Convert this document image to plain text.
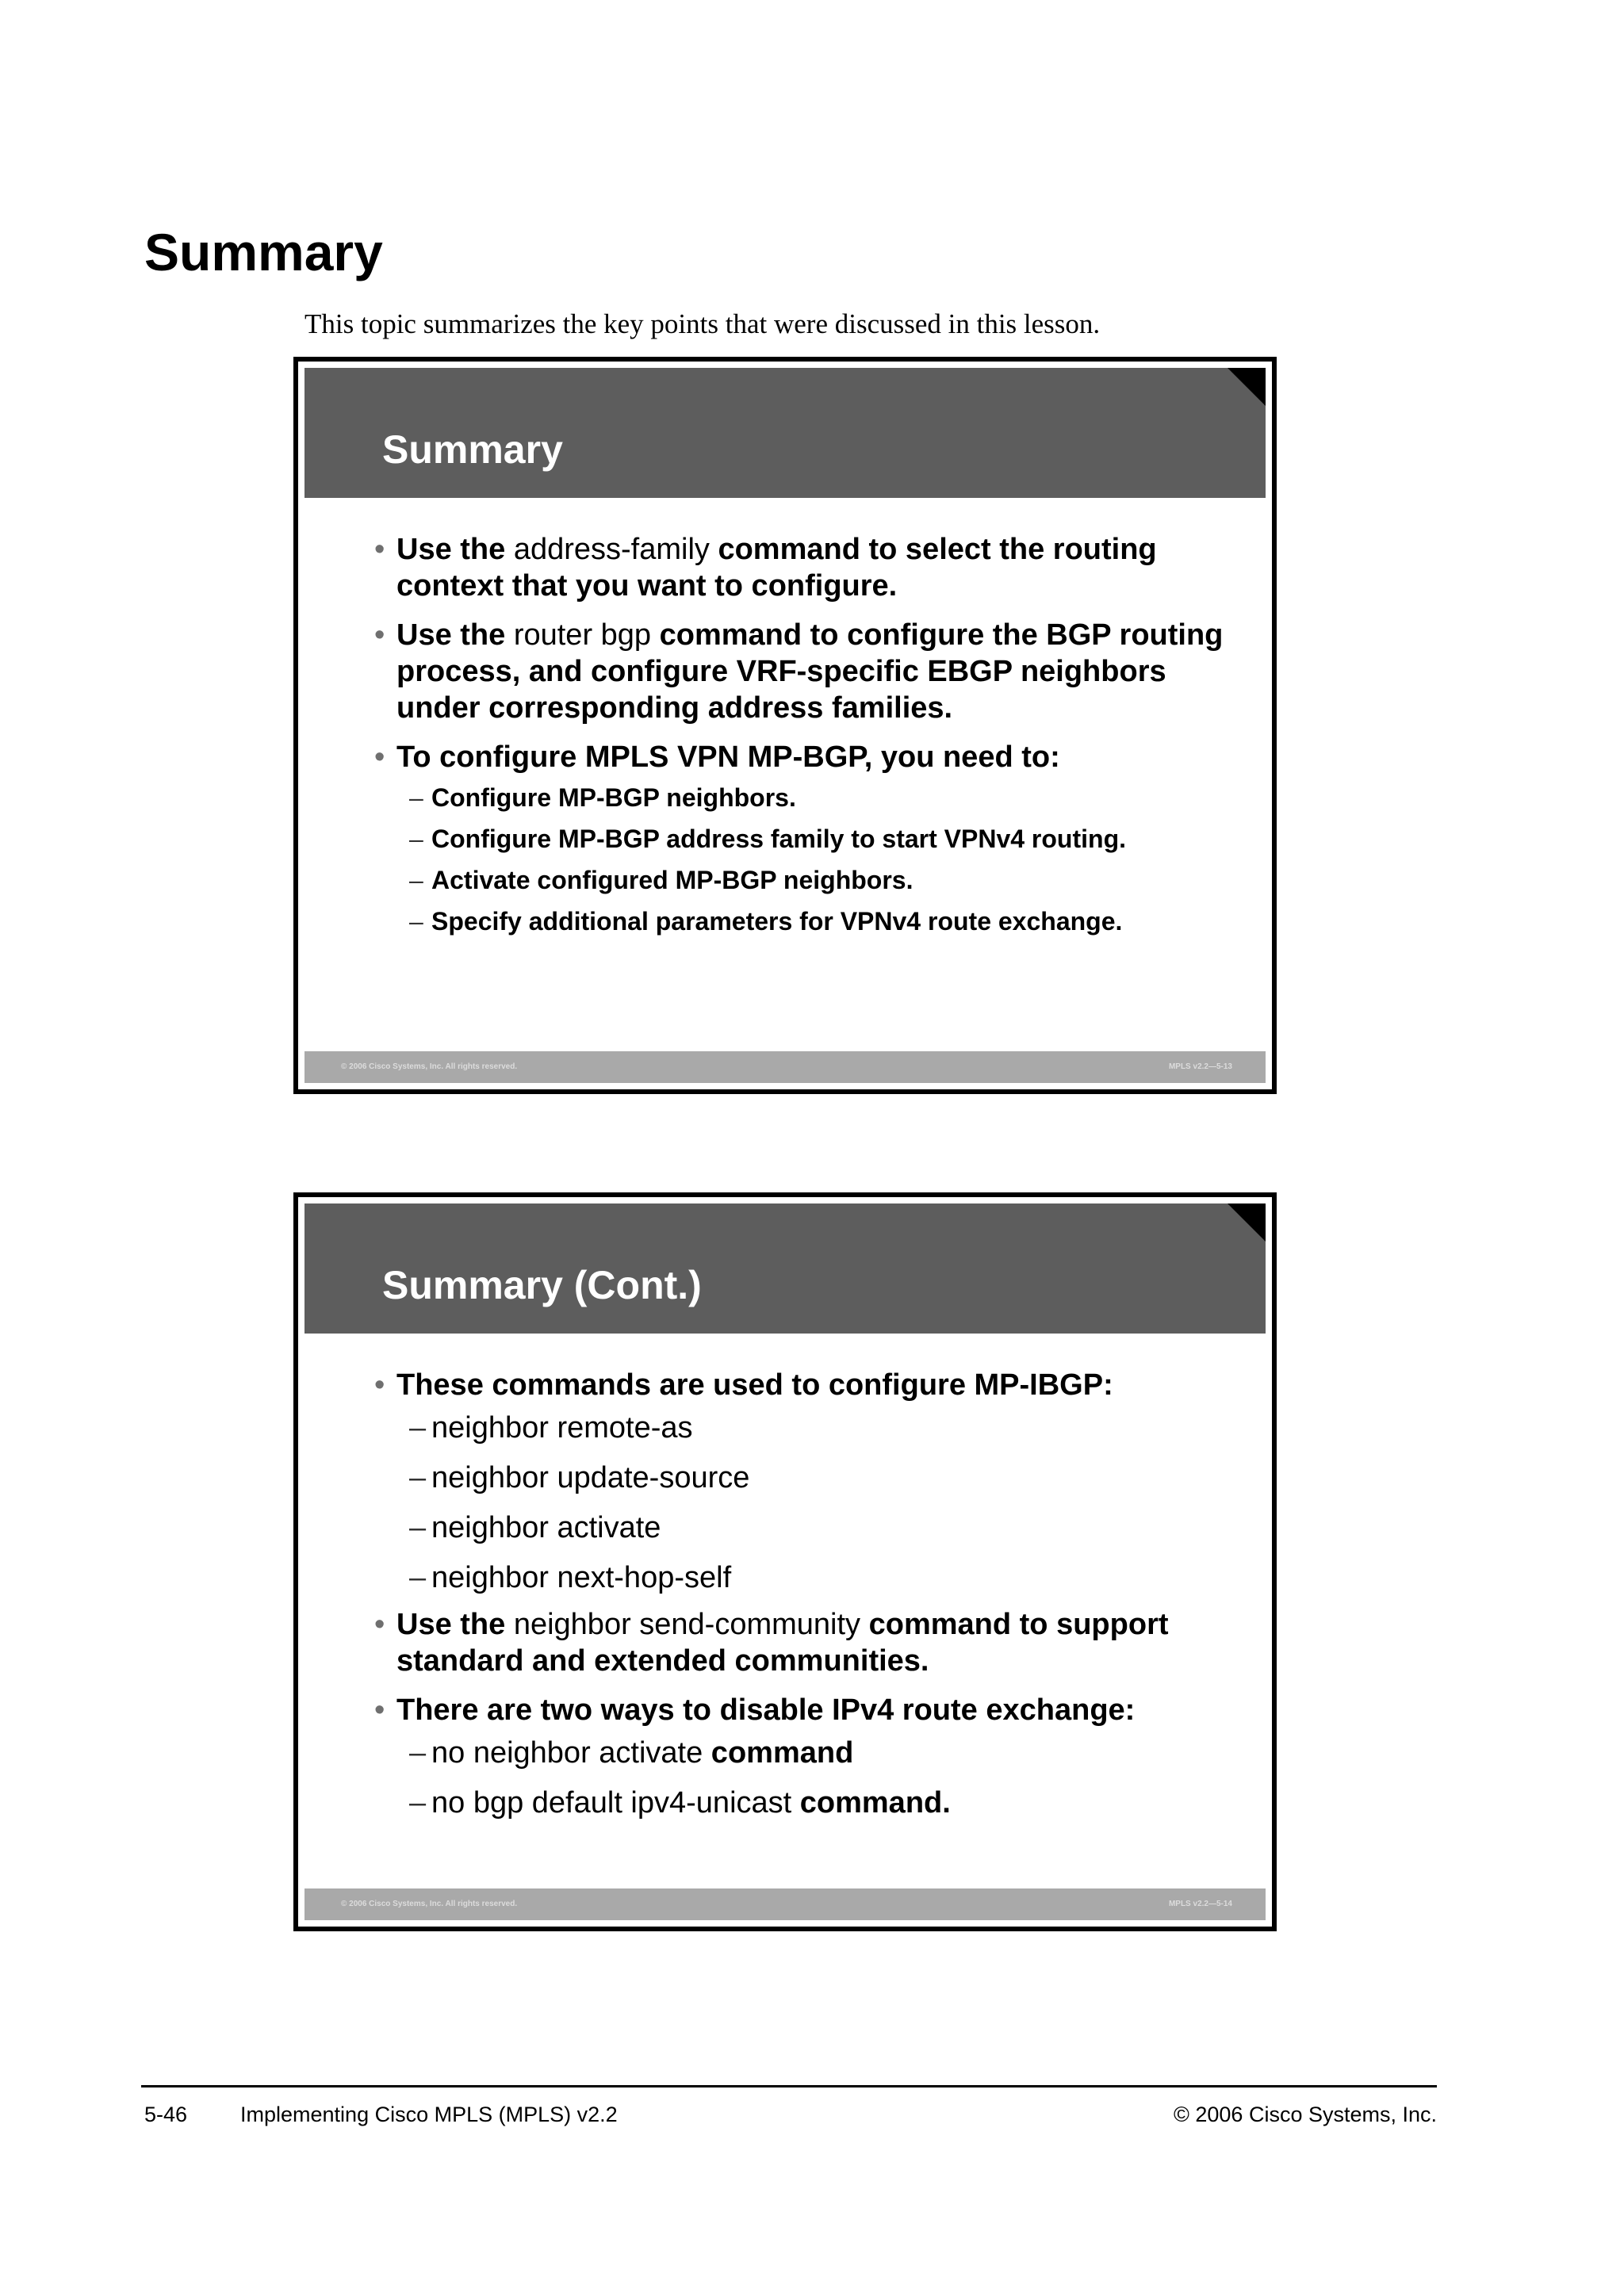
Summary

This topic summarizes the key points that were discussed in this lesson.

Summary
• Use the address-family command to select the routing context that you want to configure.
• Use the router bgp command to configure the BGP routing process, and configure VRF-specific EBGP neighbors under corresponding address families.
• To configure MPLS VPN MP-BGP, you need to:
– Configure MP-BGP neighbors.
– Configure MP-BGP address family to start VPNv4 routing.
– Activate configured MP-BGP neighbors.
– Specify additional parameters for VPNv4 route exchange.
© 2006 Cisco Systems, Inc. All rights reserved.	MPLS v2.2—5-13
Summary (Cont.)
• These commands are used to configure MP-IBGP:
– neighbor remote-as
– neighbor update-source
– neighbor activate
– neighbor next-hop-self
• Use the neighbor send-community command to support standard and extended communities.
• There are two ways to disable IPv4 route exchange:
– no neighbor activate command
– no bgp default ipv4-unicast command.
© 2006 Cisco Systems, Inc. All rights reserved.	MPLS v2.2—5-14
5-46 Implementing Cisco MPLS (MPLS) v2.2	© 2006 Cisco Systems, Inc.
